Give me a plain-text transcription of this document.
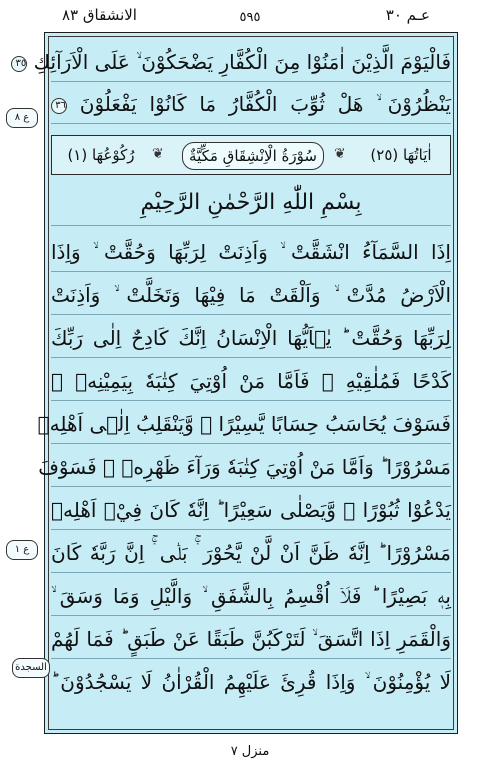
الانشقاق ٨٣	٥٩٥	عـم ٣٠
فَالْيَوْمَ الَّذِيْنَ اٰمَنُوْا مِنَ الْكُفَّارِ يَضْحَكُوْنَ ۙ عَلَى الْاَرَآئِكِ ٣٥
يَنْظُرُوْنَ ۙ هَلْ ثُوِّبَ الْكُفَّارُ مَا كَانُوْا يَفْعَلُوْنَ ٣٦
اٰيَاتُهَا (٢٥)
❦	سُوْرَةُ الْاِنْشِقَاقِ مَكِّيَّةٌ	❦
رُكُوْعُهَا (١)
بِسْمِ اللّٰهِ الرَّحْمٰنِ الرَّحِيْمِ
اِذَا السَّمَآءُ انْشَقَّتْ ۙ وَاَذِنَتْ لِرَبِّهَا وَحُقَّتْ ۙ وَاِذَا
الْاَرْضُ مُدَّتْ ۙ وَاَلْقَتْ مَا فِيْهَا وَتَخَلَّتْ ۙ وَاَذِنَتْ
لِرَبِّهَا وَحُقَّتْ ؕ يٰۤاَيُّهَا الْاِنْسَانُ اِنَّكَ كَادِحٌ اِلٰى رَبِّكَ
كَدْحًا فَمُلٰقِيْهِ ۚ فَاَمَّا مَنْ اُوْتِيَ كِتٰبَهٗ بِيَمِيْنِهٖ ۙ
فَسَوْفَ يُحَاسَبُ حِسَابًا يَّسِيْرًا ۙ وَّيَنْقَلِبُ اِلٰۤى اَهْلِهٖ
مَسْرُوْرًا ؕ وَاَمَّا مَنْ اُوْتِيَ كِتٰبَهٗ وَرَآءَ ظَهْرِهٖ ۙ فَسَوْفَ
يَدْعُوْا ثُبُوْرًا ۙ وَّيَصْلٰى سَعِيْرًا ؕ اِنَّهٗ كَانَ فِيْۤ اَهْلِهٖ
مَسْرُوْرًا ؕ اِنَّهٗ ظَنَّ اَنْ لَّنْ يَّحُوْرَ ۛۚ بَلٰۤى ۛۚ اِنَّ رَبَّهٗ كَانَ
بِهٖ بَصِيْرًا ؕ فَلَاۤ اُقْسِمُ بِالشَّفَقِ ۙ وَالَّيْلِ وَمَا وَسَقَ ۙ
وَالْقَمَرِ اِذَا اتَّسَقَ ۙ لَتَرْكَبُنَّ طَبَقًا عَنْ طَبَقٍ ؕ فَمَا لَهُمْ
لَا يُؤْمِنُوْنَ ۙ وَاِذَا قُرِئَ عَلَيْهِمُ الْقُرْاٰنُ لَا يَسْجُدُوْنَ ؕ
ع ٨
ع ١
السجدة
منزل ٧
